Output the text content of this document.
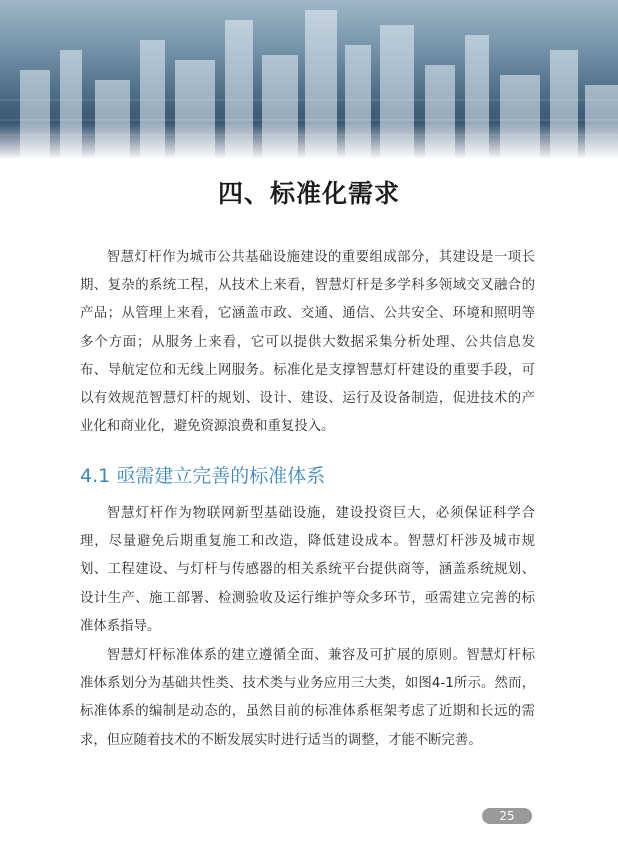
四、标准化需求

智慧灯杆作为城市公共基础设施建设的重要组成部分，其建设是一项长期、复杂的系统工程，从技术上来看，智慧灯杆是多学科多领域交叉融合的产品；从管理上来看，它涵盖市政、交通、通信、公共安全、环境和照明等多个方面；从服务上来看，它可以提供大数据采集分析处理、公共信息发布、导航定位和无线上网服务。标准化是支撑智慧灯杆建设的重要手段，可以有效规范智慧灯杆的规划、设计、建设、运行及设备制造，促进技术的产业化和商业化，避免资源浪费和重复投入。

4.1 亟需建立完善的标准体系

智慧灯杆作为物联网新型基础设施，建设投资巨大，必须保证科学合理，尽量避免后期重复施工和改造，降低建设成本。智慧灯杆涉及城市规划、工程建设、与灯杆与传感器的相关系统平台提供商等，涵盖系统规划、设计生产、施工部署、检测验收及运行维护等众多环节，亟需建立完善的标准体系指导。

智慧灯杆标准体系的建立遵循全面、兼容及可扩展的原则。智慧灯杆标准体系划分为基础共性类、技术类与业务应用三大类，如图4-1所示。然而，标准体系的编制是动态的，虽然目前的标准体系框架考虑了近期和长远的需求，但应随着技术的不断发展实时进行适当的调整，才能不断完善。

25
